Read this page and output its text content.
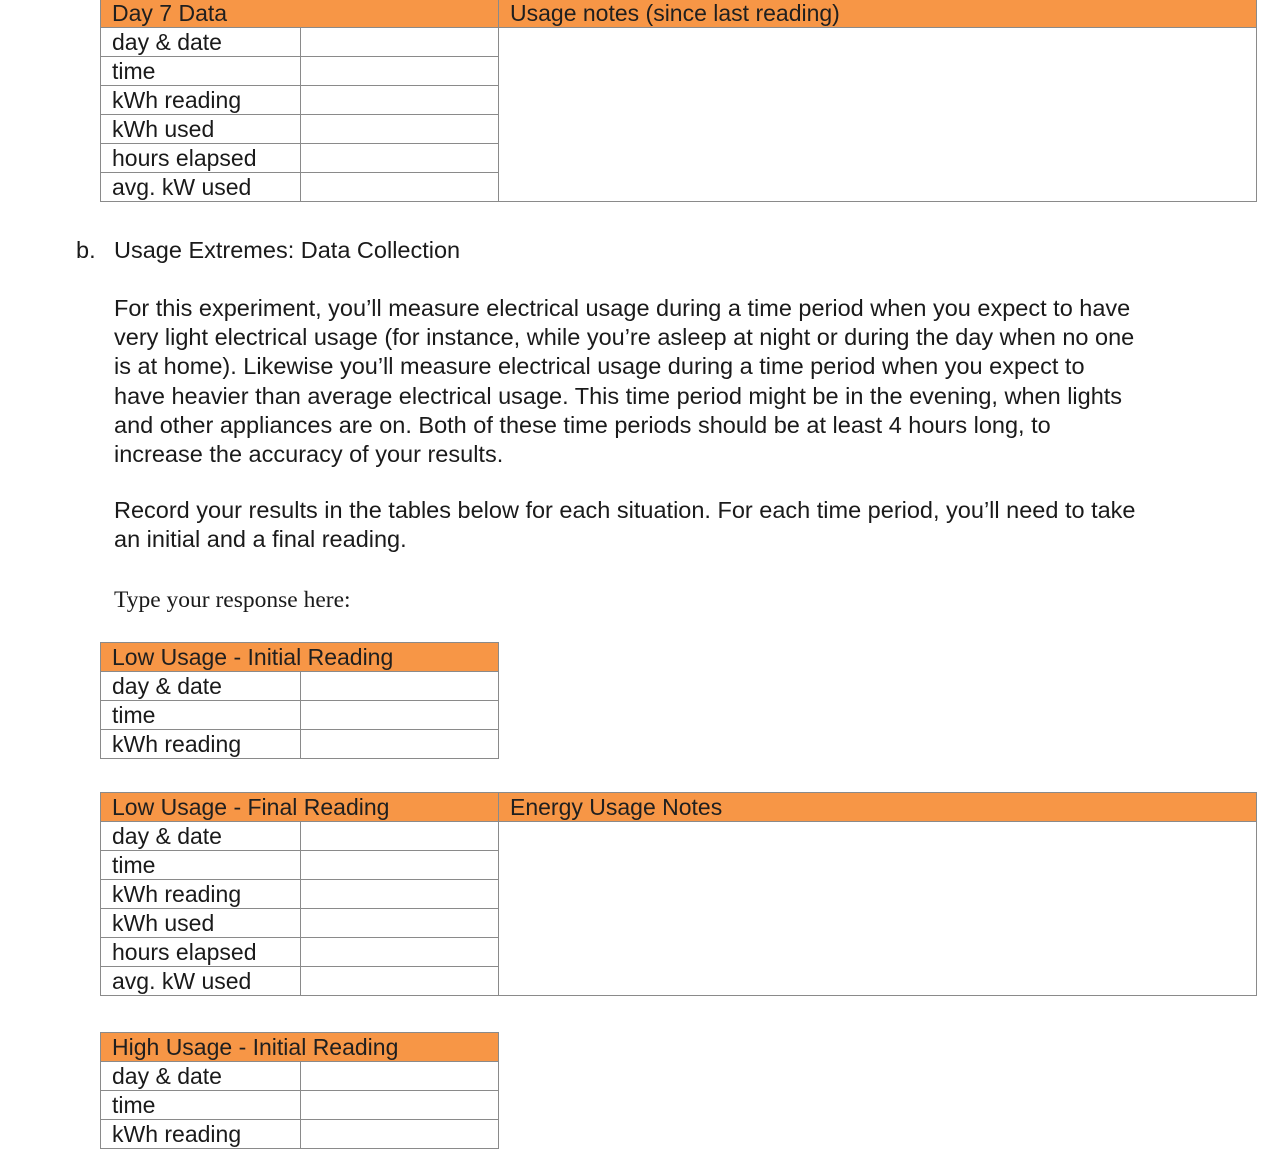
Day 7 Data		Usage notes (since last reading)
day & date		
time		
kWh reading		
kWh used		
hours elapsed		
avg. kW used		
b. Usage Extremes: Data Collection
For this experiment, you’ll measure electrical usage during a time period when you expect to have
very light electrical usage (for instance, while you’re asleep at night or during the day when no one
is at home). Likewise you’ll measure electrical usage during a time period when you expect to
have heavier than average electrical usage. This time period might be in the evening, when lights
and other appliances are on. Both of these time periods should be at least 4 hours long, to
increase the accuracy of your results.
Record your results in the tables below for each situation. For each time period, you’ll need to take
an initial and a final reading.
Type your response here:
Low Usage - Initial Reading	
day & date	
time	
kWh reading	
Low Usage - Final Reading		Energy Usage Notes
day & date		
time		
kWh reading		
kWh used		
hours elapsed		
avg. kW used		
High Usage - Initial Reading	
day & date	
time	
kWh reading	
